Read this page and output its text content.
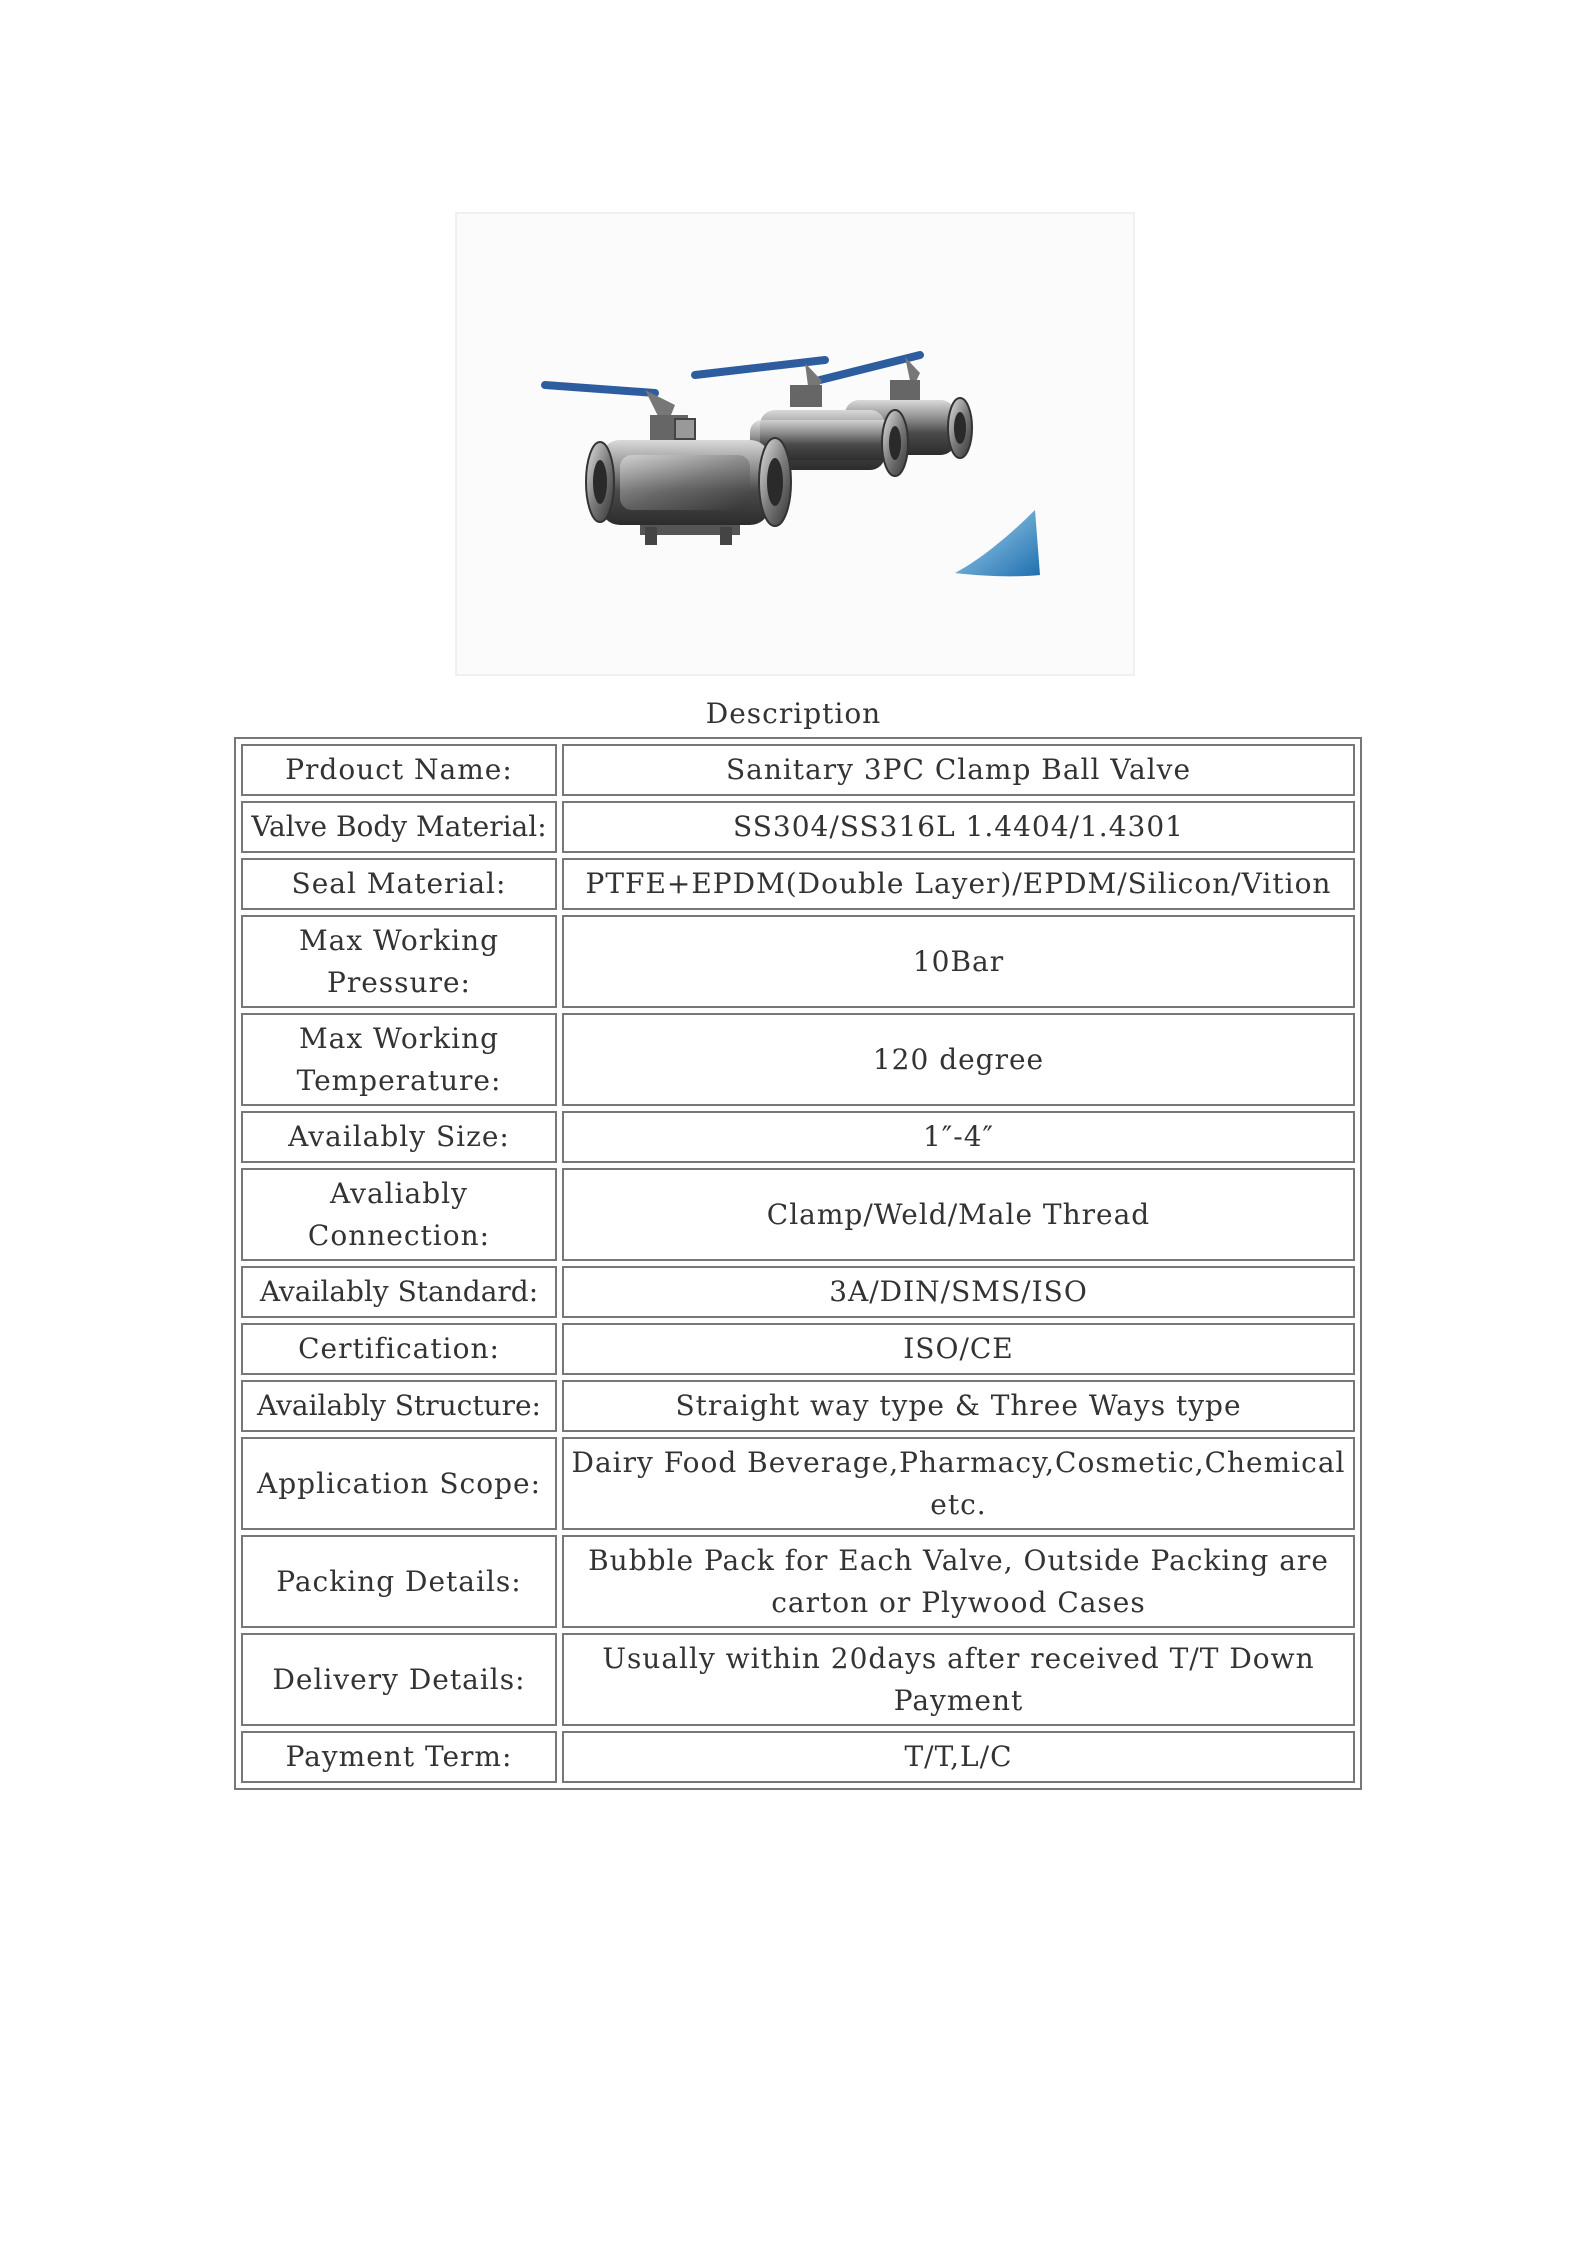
Description
Prdouct Name:	Sanitary 3PC Clamp Ball Valve
Valve Body Material:	SS304/SS316L 1.4404/1.4301
Seal Material:	PTFE+EPDM(Double Layer)/EPDM/Silicon/Vition
Max Working Pressure:	10Bar
Max Working Temperature:	120 degree
Availably Size:	1″-4″
Avaliably Connection:	Clamp/Weld/Male Thread
Availably Standard:	3A/DIN/SMS/ISO
Certification:	ISO/CE
Availably Structure:	Straight way type & Three Ways type
Application Scope:	Dairy Food Beverage,Pharmacy,Cosmetic,Chemical etc.
Packing Details:	Bubble Pack for Each Valve, Outside Packing are carton or Plywood Cases
Delivery Details:	Usually within 20days after received T/T Down Payment
Payment Term:	T/T,L/C
